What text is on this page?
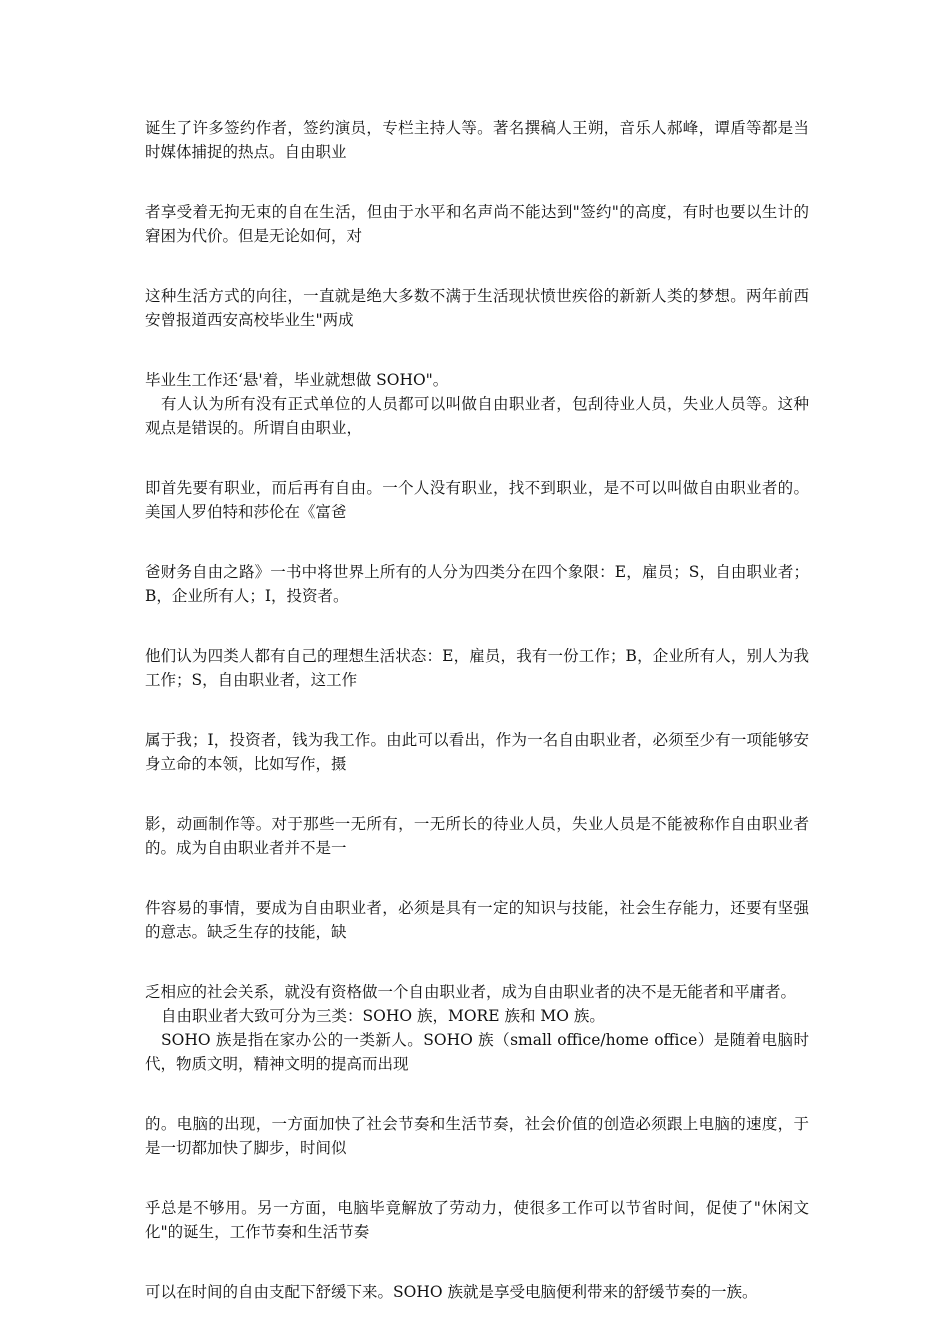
诞生了许多签约作者，签约演员，专栏主持人等。著名撰稿人王朔，音乐人郝峰，谭盾等都是当时媒体捕捉的热点。自由职业

者享受着无拘无束的自在生活，但由于水平和名声尚不能达到"签约"的高度，有时也要以生计的窘困为代价。但是无论如何，对

这种生活方式的向往，一直就是绝大多数不满于生活现状愤世疾俗的新新人类的梦想。两年前西安曾报道西安高校毕业生"两成

毕业生工作还‘悬'着，毕业就想做 SOHO"。

有人认为所有没有正式单位的人员都可以叫做自由职业者，包刮待业人员，失业人员等。这种观点是错误的。所谓自由职业，

即首先要有职业，而后再有自由。一个人没有职业，找不到职业，是不可以叫做自由职业者的。美国人罗伯特和莎伦在《富爸

爸财务自由之路》一书中将世界上所有的人分为四类分在四个象限：E，雇员；S，自由职业者；B，企业所有人；I，投资者。

他们认为四类人都有自己的理想生活状态：E，雇员，我有一份工作；B，企业所有人，别人为我工作；S，自由职业者，这工作

属于我；I，投资者，钱为我工作。由此可以看出，作为一名自由职业者，必须至少有一项能够安身立命的本领，比如写作，摄

影，动画制作等。对于那些一无所有，一无所长的待业人员，失业人员是不能被称作自由职业者的。成为自由职业者并不是一

件容易的事情，要成为自由职业者，必须是具有一定的知识与技能，社会生存能力，还要有坚强的意志。缺乏生存的技能，缺

乏相应的社会关系，就没有资格做一个自由职业者，成为自由职业者的决不是无能者和平庸者。

自由职业者大致可分为三类：SOHO 族，MORE 族和 MO 族。

SOHO 族是指在家办公的一类新人。SOHO 族（small office/home office）是随着电脑时代，物质文明，精神文明的提高而出现

的。电脑的出现，一方面加快了社会节奏和生活节奏，社会价值的创造必须跟上电脑的速度，于是一切都加快了脚步，时间似

乎总是不够用。另一方面，电脑毕竟解放了劳动力，使很多工作可以节省时间，促使了"休闲文化"的诞生，工作节奏和生活节奏

可以在时间的自由支配下舒缓下来。SOHO 族就是享受电脑便利带来的舒缓节奏的一族。
